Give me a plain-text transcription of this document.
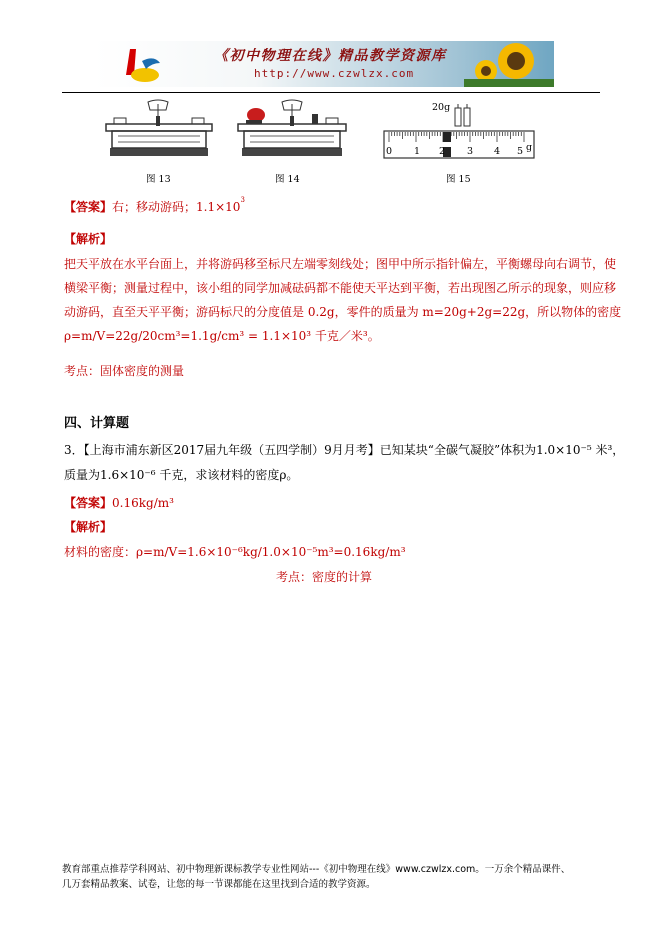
《初中物理在线》精品教学资源库
http://www.czwlzx.com
图 13	图 14
20g
0 1 2 3 4 5 g
图 15
【答案】右；移动游码；$1.1\times 10^3$
【解析】
把天平放在水平台面上，并将游码移至标尺左端零刻线处；图甲中所示指针偏左，平衡螺母向右调节，使
横梁平衡；测量过程中，该小组的同学加减砝码都不能使天平达到平衡，若出现图乙所示的现象，则应移
动游码，直至天平平衡；游码标尺的分度值是 0.2g，零件的质量为 m=20g+2g=22g，所以物体的密度
ρ=m/V=22g/20cm³=1.1g/cm³ = 1.1×10³ 千克／米³。
考点：固体密度的测量
四、计算题
3．【上海市浦东新区2017届九年级（五四学制）9月月考】已知某块“全碳气凝胶”体积为1.0×10⁻⁵ 米³，
质量为1.6×10⁻⁶ 千克，求该材料的密度ρ。
【答案】0.16kg/m³
【解析】
材料的密度：ρ=m/V=1.6×10⁻⁶kg/1.0×10⁻⁵m³=0.16kg/m³
考点：密度的计算
教育部重点推荐学科网站、初中物理新课标教学专业性网站---《初中物理在线》www.czwlzx.com。一万余个精品课件、
几万套精品教案、试卷，让您的每一节课都能在这里找到合适的教学资源。
